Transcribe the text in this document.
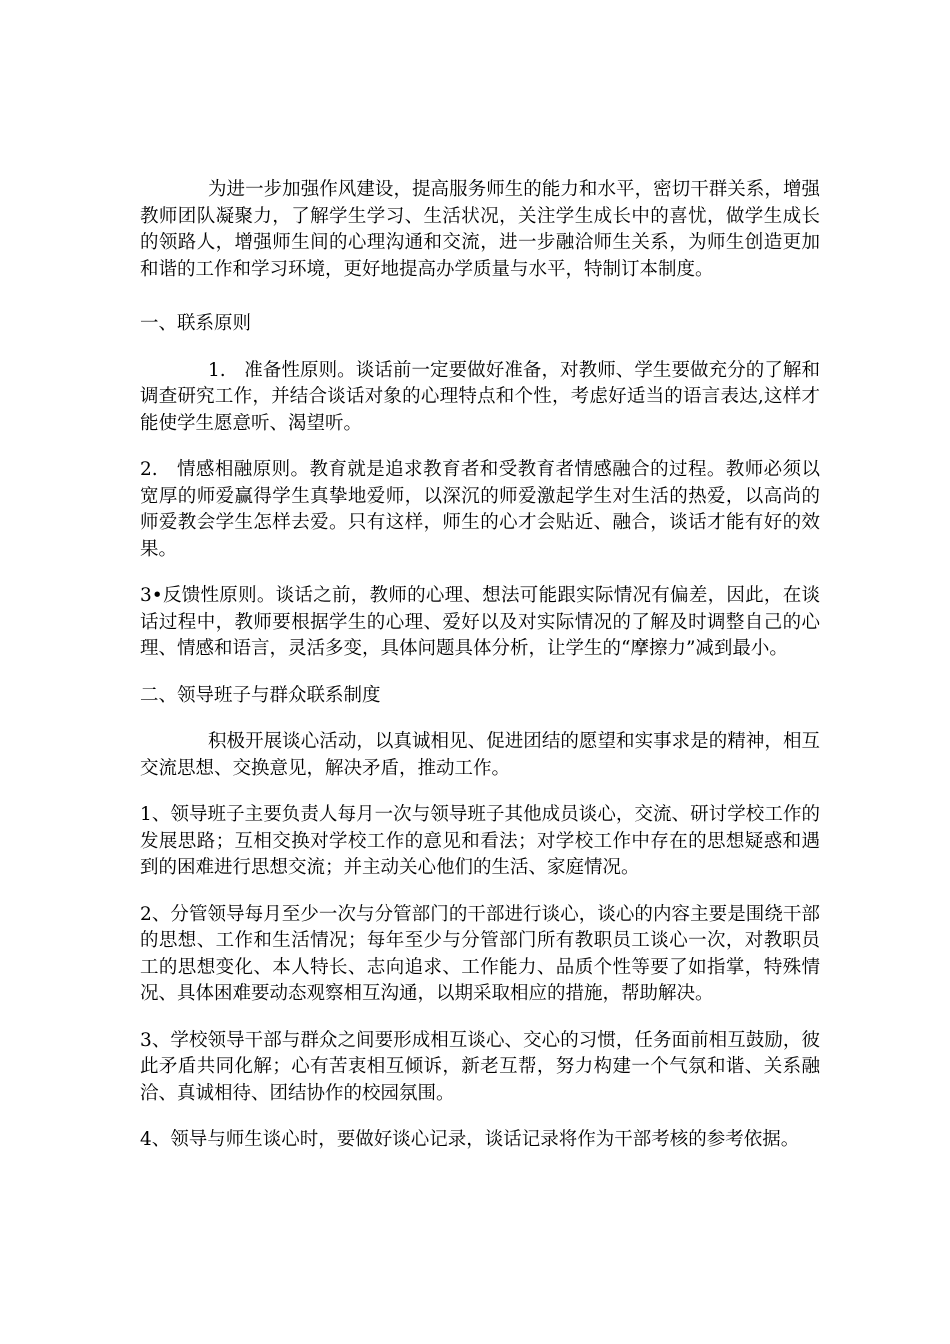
为进一步加强作风建设，提高服务师生的能力和水平，密切干群关系，增强教师团队凝聚力，了解学生学习、生活状况，关注学生成长中的喜忧，做学生成长的领路人，增强师生间的心理沟通和交流，进一步融洽师生关系，为师生创造更加和谐的工作和学习环境，更好地提高办学质量与水平，特制订本制度。

一、联系原则

1.　准备性原则。谈话前一定要做好准备，对教师、学生要做充分的了解和调查研究工作，并结合谈话对象的心理特点和个性，考虑好适当的语言表达,这样才能使学生愿意听、渴望听。

2.　情感相融原则。教育就是追求教育者和受教育者情感融合的过程。教师必须以宽厚的师爱赢得学生真挚地爱师，以深沉的师爱激起学生对生活的热爱，以高尚的师爱教会学生怎样去爱。只有这样，师生的心才会贴近、融合，谈话才能有好的效果。

3•反馈性原则。谈话之前，教师的心理、想法可能跟实际情况有偏差，因此，在谈话过程中，教师要根据学生的心理、爱好以及对实际情况的了解及时调整自己的心理、情感和语言，灵活多变，具体问题具体分析，让学生的“摩擦力”减到最小。

二、领导班子与群众联系制度

积极开展谈心活动，以真诚相见、促进团结的愿望和实事求是的精神，相互交流思想、交换意见，解决矛盾，推动工作。

1、领导班子主要负责人每月一次与领导班子其他成员谈心，交流、研讨学校工作的发展思路；互相交换对学校工作的意见和看法；对学校工作中存在的思想疑惑和遇到的困难进行思想交流；并主动关心他们的生活、家庭情况。

2、分管领导每月至少一次与分管部门的干部进行谈心，谈心的内容主要是围绕干部的思想、工作和生活情况；每年至少与分管部门所有教职员工谈心一次，对教职员工的思想变化、本人特长、志向追求、工作能力、品质个性等要了如指掌，特殊情况、具体困难要动态观察相互沟通，以期采取相应的措施，帮助解决。

3、学校领导干部与群众之间要形成相互谈心、交心的习惯，任务面前相互鼓励，彼此矛盾共同化解；心有苦衷相互倾诉，新老互帮，努力构建一个气氛和谐、关系融洽、真诚相待、团结协作的校园氛围。

4、领导与师生谈心时，要做好谈心记录，谈话记录将作为干部考核的参考依据。
